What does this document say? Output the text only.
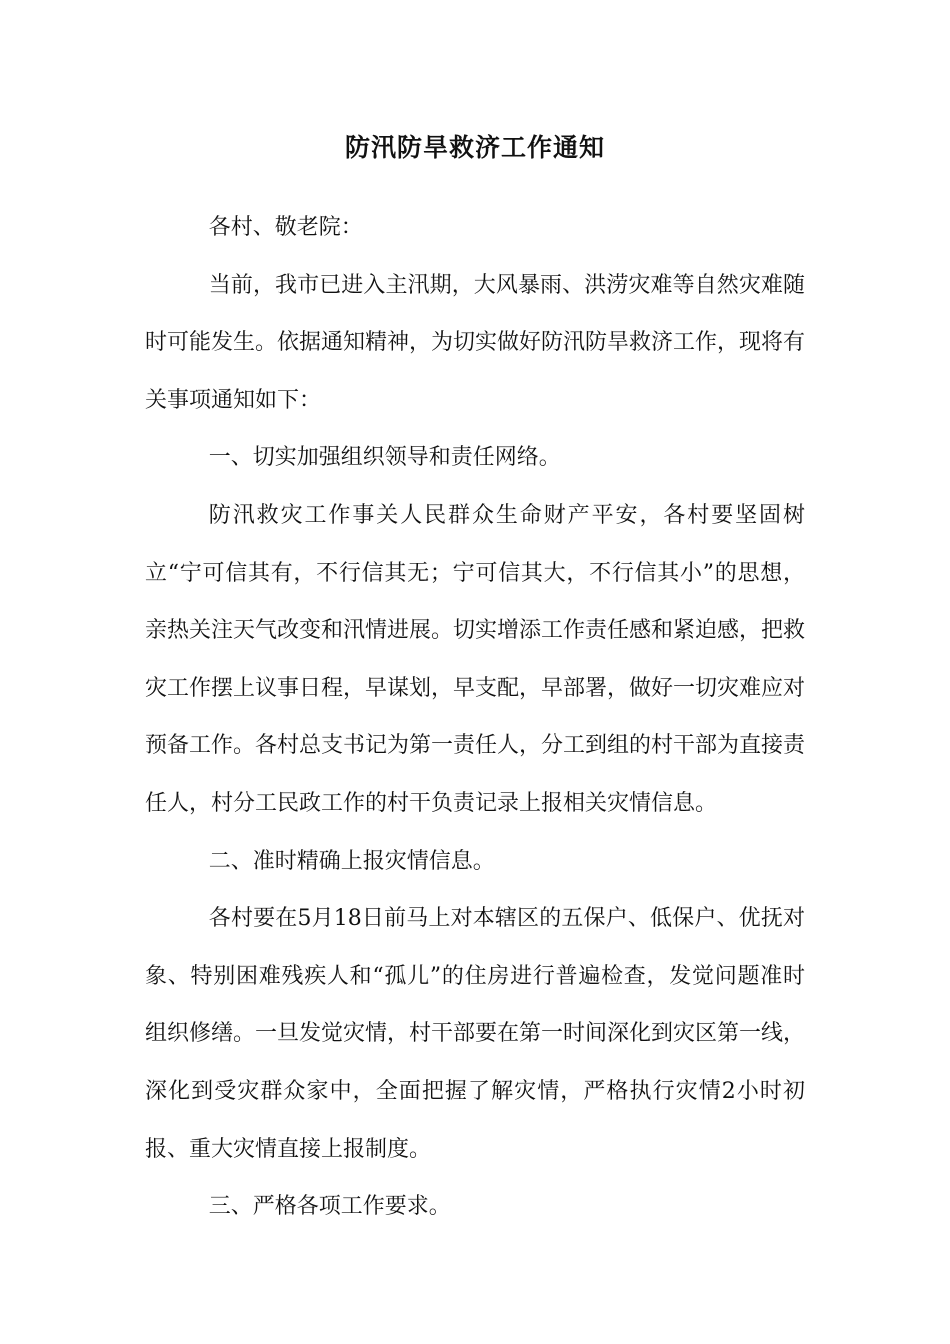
防汛防旱救济工作通知

各村、敬老院：

当前，我市已进入主汛期，大风暴雨、洪涝灾难等自然灾难随时可能发生。依据通知精神，为切实做好防汛防旱救济工作，现将有关事项通知如下：

一、切实加强组织领导和责任网络。

防汛救灾工作事关人民群众生命财产平安，各村要坚固树立“宁可信其有，不行信其无；宁可信其大，不行信其小”的思想，亲热关注天气改变和汛情进展。切实增添工作责任感和紧迫感，把救灾工作摆上议事日程，早谋划，早支配，早部署，做好一切灾难应对预备工作。各村总支书记为第一责任人，分工到组的村干部为直接责任人，村分工民政工作的村干负责记录上报相关灾情信息。

二、准时精确上报灾情信息。

各村要在5月18日前马上对本辖区的五保户、低保户、优抚对象、特别困难残疾人和“孤儿”的住房进行普遍检查，发觉问题准时组织修缮。一旦发觉灾情，村干部要在第一时间深化到灾区第一线，深化到受灾群众家中，全面把握了解灾情，严格执行灾情2小时初报、重大灾情直接上报制度。

三、严格各项工作要求。
